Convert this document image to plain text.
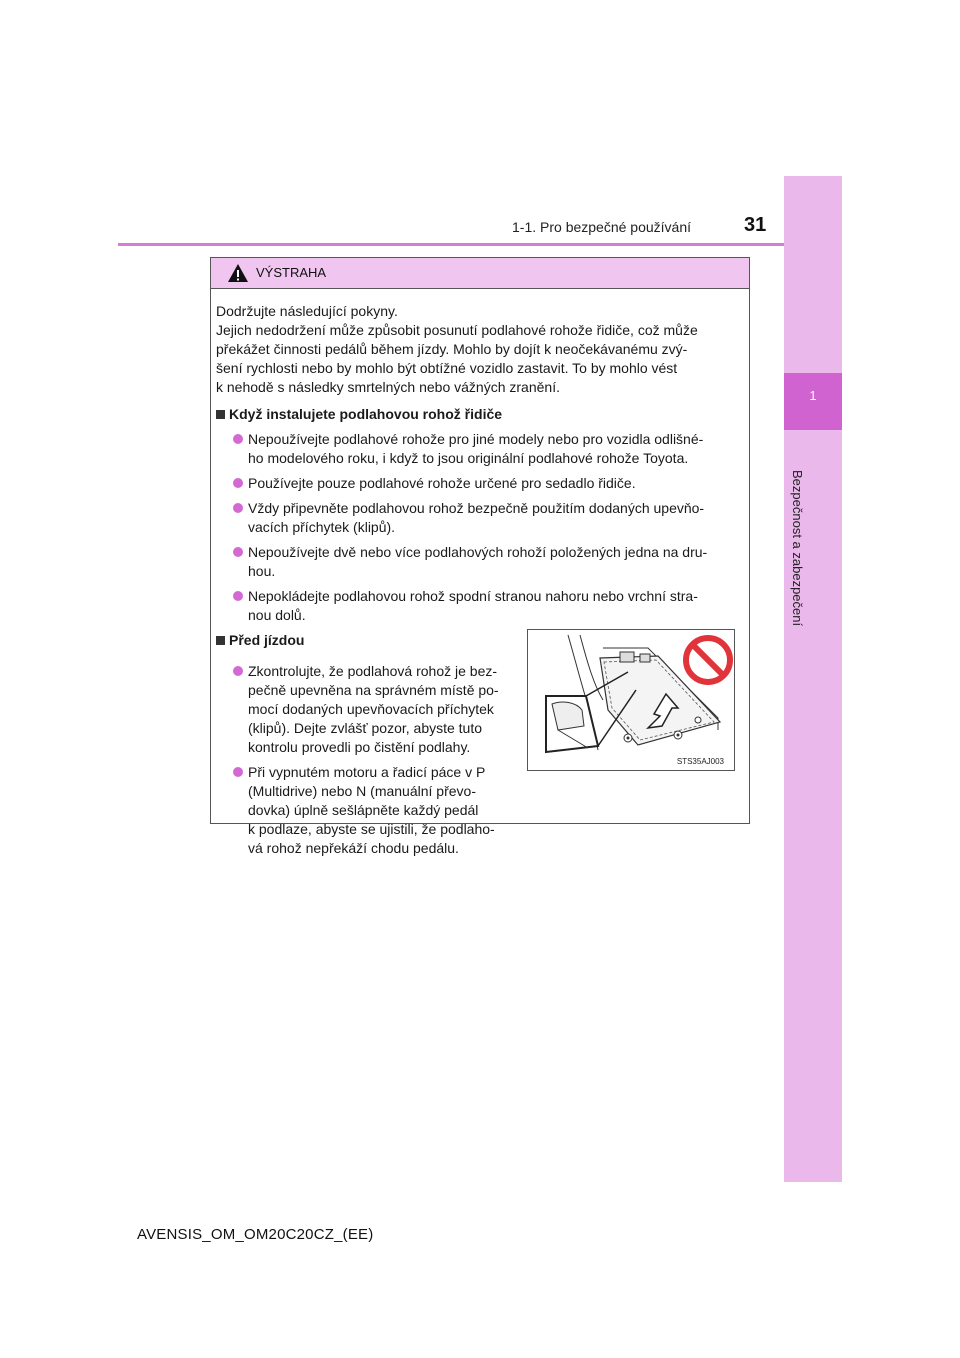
1
Bezpečnost a zabezpečení
1-1. Pro bezpečné používání	31
VÝSTRAHA
Dodržujte následující pokyny.
Jejich nedodržení může způsobit posunutí podlahové rohože řidiče, což může
překážet činnosti pedálů během jízdy. Mohlo by dojít k neočekávanému zvý-
šení rychlosti nebo by mohlo být obtížné vozidlo zastavit. To by mohlo vést
k nehodě s následky smrtelných nebo vážných zranění.
Když instalujete podlahovou rohož řidiče
Nepoužívejte podlahové rohože pro jiné modely nebo pro vozidla odlišné-
ho modelového roku, i když to jsou originální podlahové rohože Toyota.
Používejte pouze podlahové rohože určené pro sedadlo řidiče.
Vždy připevněte podlahovou rohož bezpečně použitím dodaných upevňo-
vacích příchytek (klipů).
Nepoužívejte dvě nebo více podlahových rohoží položených jedna na dru-
hou.
Nepokládejte podlahovou rohož spodní stranou nahoru nebo vrchní stra-
nou dolů.
Před jízdou
Zkontrolujte, že podlahová rohož je bez-
pečně upevněna na správném místě po-
mocí dodaných upevňovacích příchytek
(klipů). Dejte zvlášť pozor, abyste tuto
kontrolu provedli po čistění podlahy.
Při vypnutém motoru a řadicí páce v P
(Multidrive) nebo N (manuální převo-
dovka) úplně sešlápněte každý pedál
k podlaze, abyste se ujistili, že podlaho-
vá rohož nepřekáží chodu pedálu.
STS35AJ003
AVENSIS_OM_OM20C20CZ_(EE)
